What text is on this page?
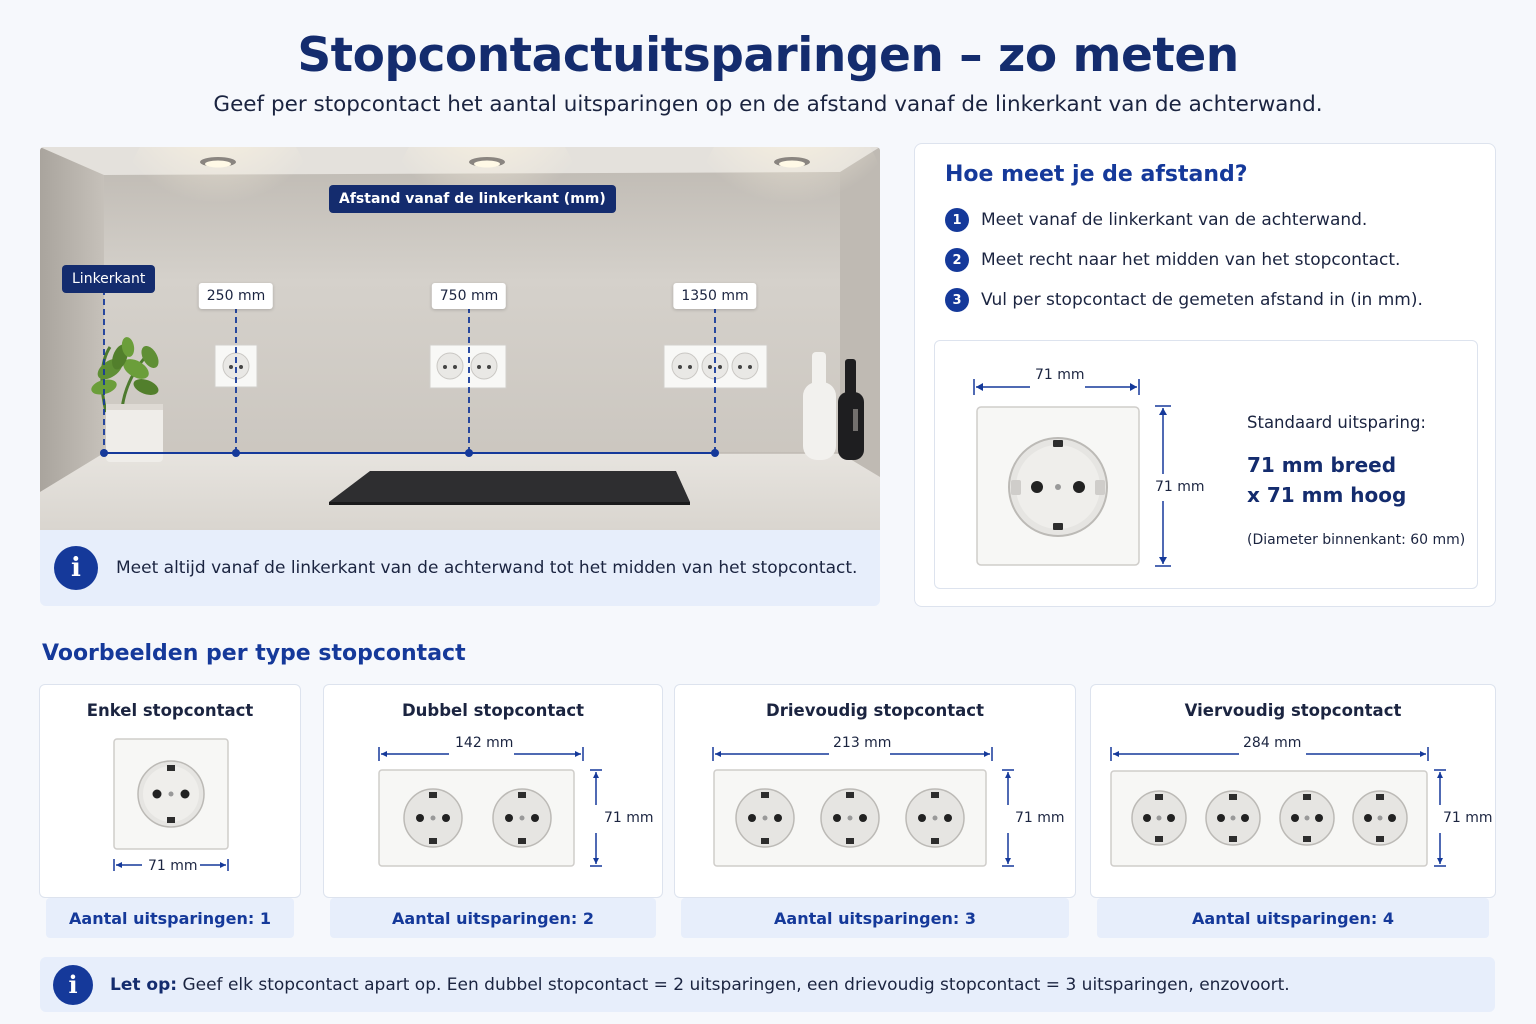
Stopcontactuitsparingen – zo meten
Geef per stopcontact het aantal uitsparingen op en de afstand vanaf de linkerkant van de achterwand.
Afstand vanaf de linkerkant (mm)
Linkerkant
250 mm	750 mm	1350 mm
i	Meet altijd vanaf de linkerkant van de achterwand tot het midden van het stopcontact.
Hoe meet je de afstand?
1	Meet vanaf de linkerkant van de achterwand.
2	Meet recht naar het midden van het stopcontact.
3	Vul per stopcontact de gemeten afstand in (in mm).
71 mm
71 mm
Standaard uitsparing:
71 mm breed
x 71 mm hoog
(Diameter binnenkant: 60 mm)
Voorbeelden per type stopcontact
Enkel stopcontact
71 mm
Dubbel stopcontact
142 mm
71 mm
Drievoudig stopcontact
213 mm
71 mm
Viervoudig stopcontact
284 mm
71 mm
Aantal uitsparingen: 1	Aantal uitsparingen: 2	Aantal uitsparingen: 3	Aantal uitsparingen: 4
i	Let op: Geef elk stopcontact apart op. Een dubbel stopcontact = 2 uitsparingen, een drievoudig stopcontact = 3 uitsparingen, enzovoort.
